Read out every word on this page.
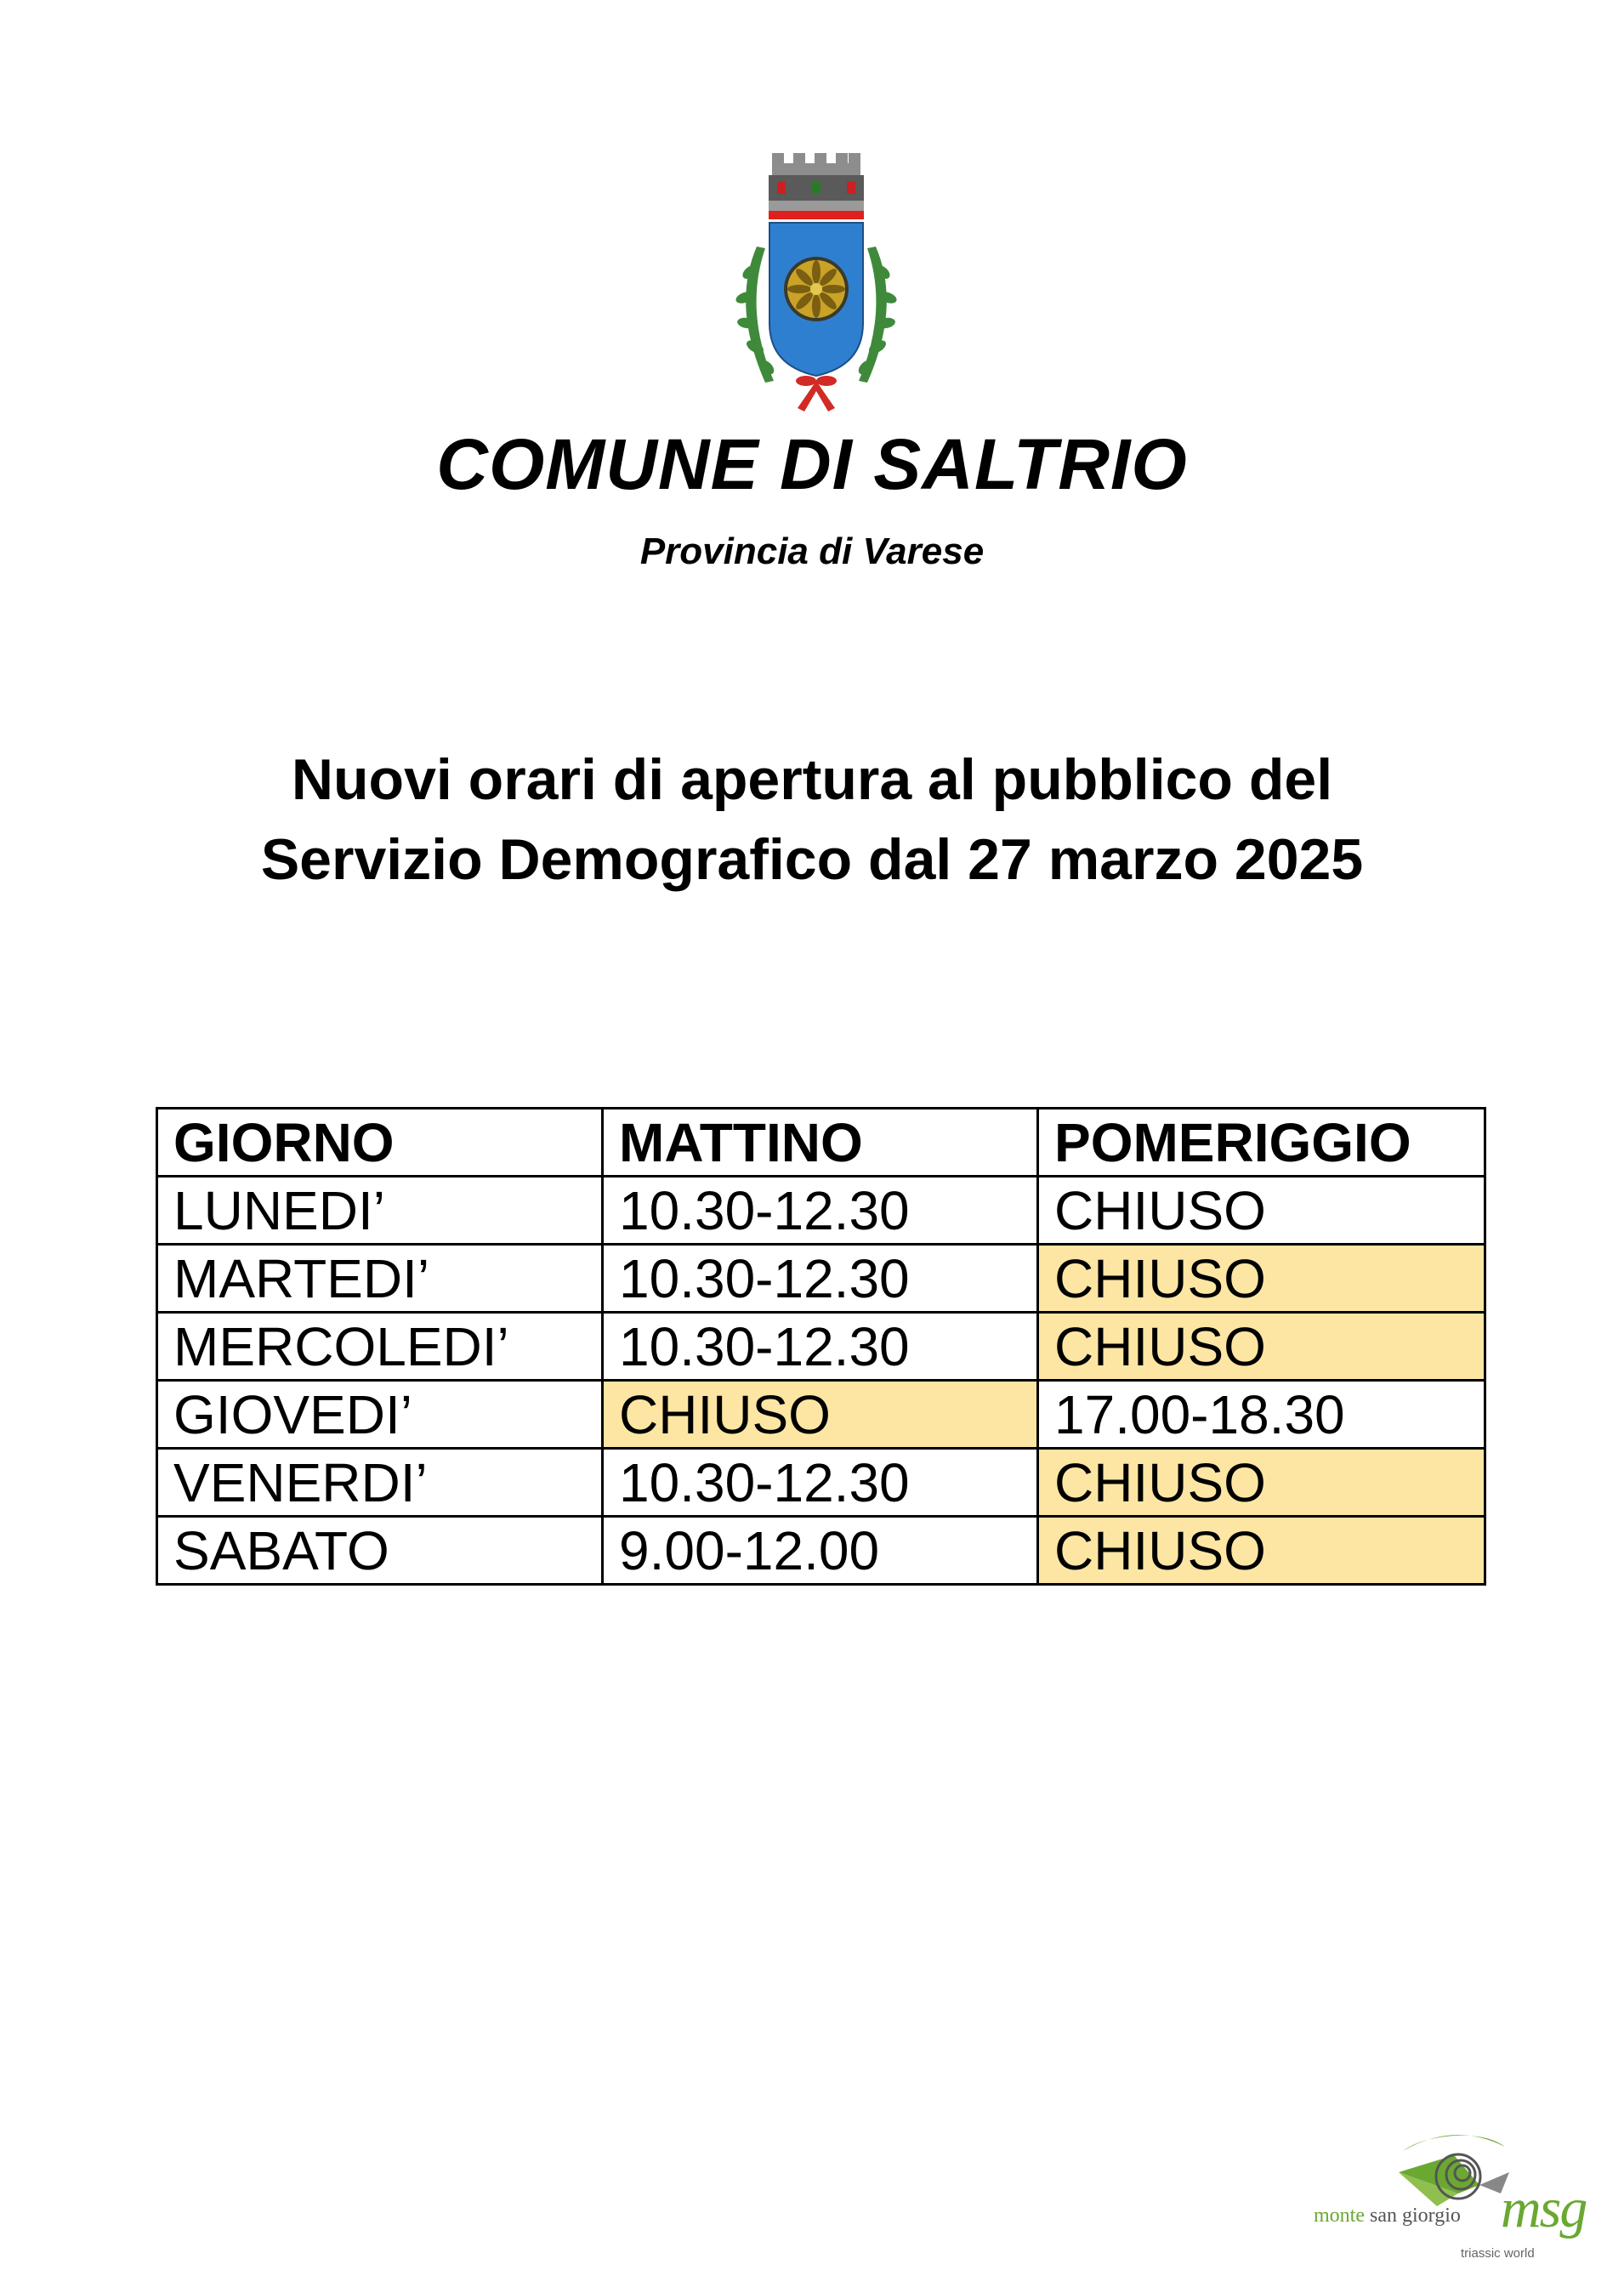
COMUNE DI SALTRIO
Provincia di Varese
Nuovi orari di apertura al pubblico del
Servizio Demografico dal 27 marzo 2025
GIORNO	MATTINO	POMERIGGIO
LUNEDI’	10.30-12.30	CHIUSO
MARTEDI’	10.30-12.30	CHIUSO
MERCOLEDI’	10.30-12.30	CHIUSO
GIOVEDI’	CHIUSO	17.00-18.30
VENERDI’	10.30-12.30	CHIUSO
SABATO	9.00-12.00	CHIUSO
monte san giorgio msg
triassic world
